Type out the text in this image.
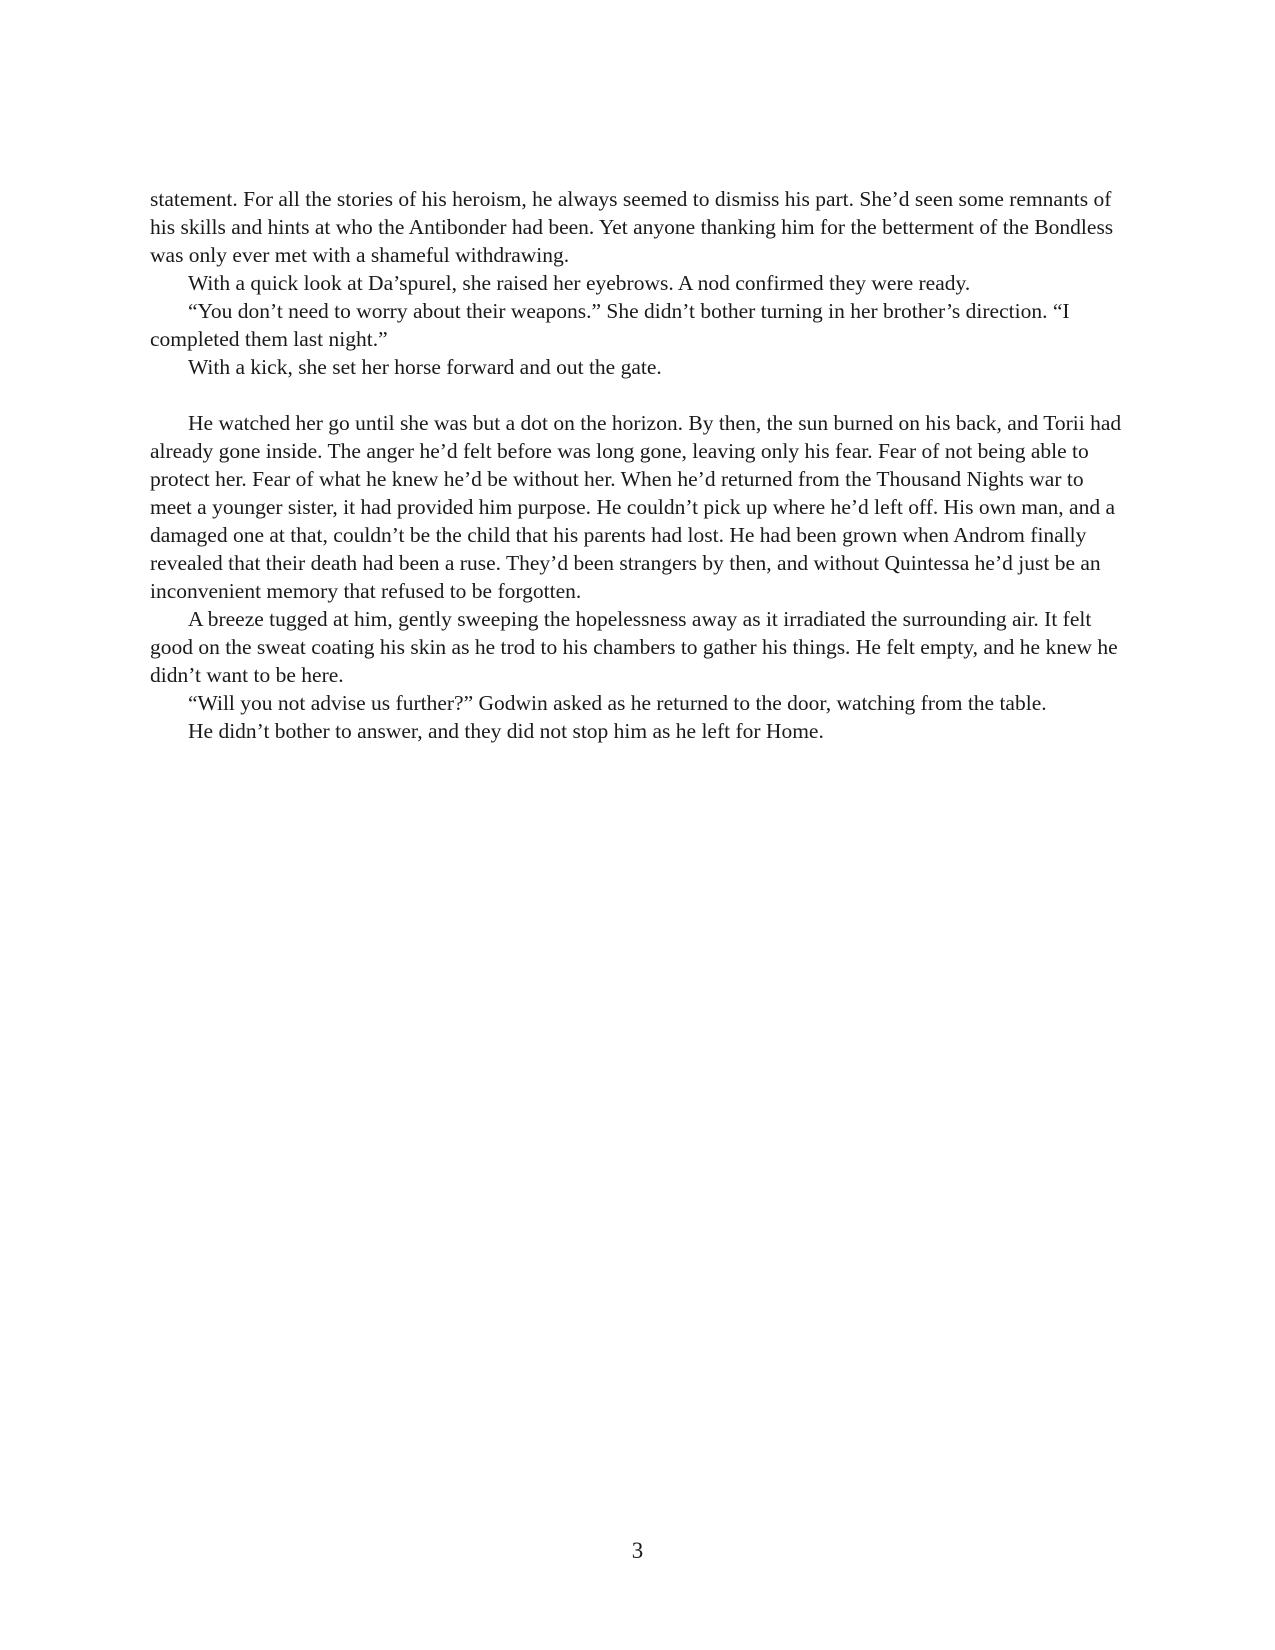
statement. For all the stories of his heroism, he always seemed to dismiss his part. She’d seen some remnants of his skills and hints at who the Antibonder had been. Yet anyone thanking him for the betterment of the Bondless was only ever met with a shameful withdrawing.

With a quick look at Da’spurel, she raised her eyebrows. A nod confirmed they were ready.

“You don’t need to worry about their weapons.” She didn’t bother turning in her brother’s direction. “I completed them last night.”

With a kick, she set her horse forward and out the gate.

He watched her go until she was but a dot on the horizon. By then, the sun burned on his back, and Torii had already gone inside. The anger he’d felt before was long gone, leaving only his fear. Fear of not being able to protect her. Fear of what he knew he’d be without her. When he’d returned from the Thousand Nights war to meet a younger sister, it had provided him purpose. He couldn’t pick up where he’d left off. His own man, and a damaged one at that, couldn’t be the child that his parents had lost. He had been grown when Androm finally revealed that their death had been a ruse. They’d been strangers by then, and without Quintessa he’d just be an inconvenient memory that refused to be forgotten.

A breeze tugged at him, gently sweeping the hopelessness away as it irradiated the surrounding air. It felt good on the sweat coating his skin as he trod to his chambers to gather his things. He felt empty, and he knew he didn’t want to be here.

“Will you not advise us further?” Godwin asked as he returned to the door, watching from the table.

He didn’t bother to answer, and they did not stop him as he left for Home.

3
